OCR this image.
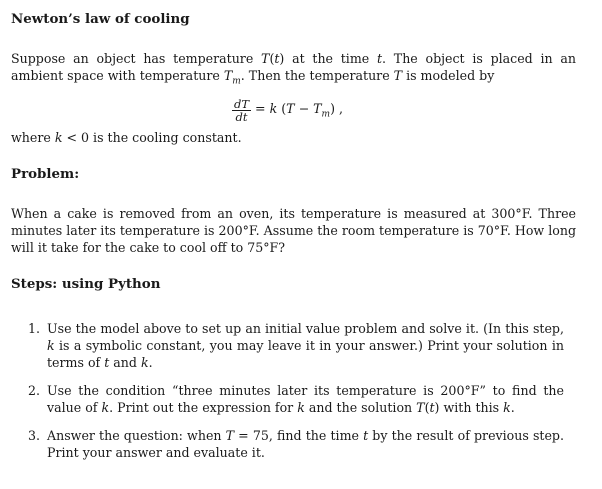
Newton’s law of cooling

Suppose an object has temperature T(t) at the time t. The object is placed in an ambient space with temperature $T_m$. Then the temperature T is modeled by

$\frac{dT}{dt} = k$ $(T - T_m)$ ,

where k < 0 is the cooling constant.

Problem:

When a cake is removed from an oven, its temperature is measured at 300°F. Three minutes later its temperature is 200°F. Assume the room temperature is 70°F. How long will it take for the cake to cool off to 75°F?

Steps: using Python
1. Use the model above to set up an initial value problem and solve it. (In this step, k is a symbolic constant, you may leave it in your answer.) Print your solution in terms of t and k.
2. Use the condition “three minutes later its temperature is 200°F” to find the value of k. Print out the expression for k and the solution T(t) with this k.
3. Answer the question: when T = 75, find the time t by the result of previous step. Print your answer and evaluate it.
